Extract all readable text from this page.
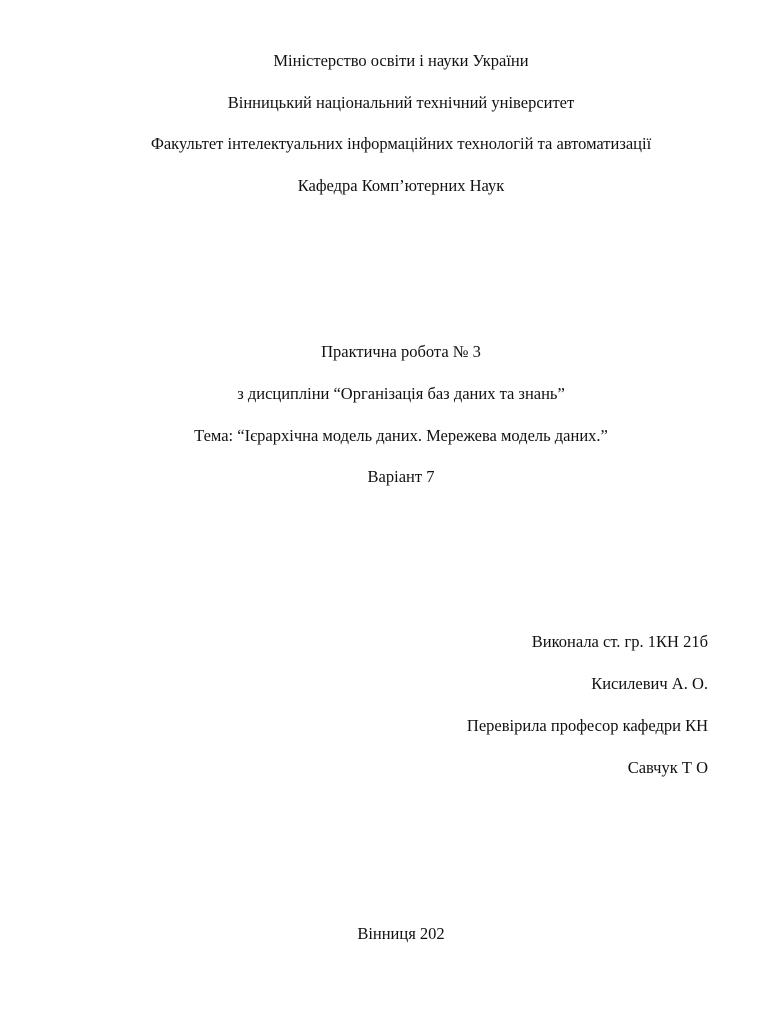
Міністерство освіти і науки України
Вінницький національний технічний університет
Факультет інтелектуальних інформаційних технологій та автоматизації
Кафедра Комп’ютерних Наук
Практична робота № 3
з дисципліни “Організація баз даних та знань”
Тема: “Ієрархічна модель даних. Мережева модель даних.”
Варіант 7
Виконала ст. гр. 1КН 21б
Кисилевич А. О.
Перевірила професор кафедри КН
Савчук Т О
Вінниця 202
